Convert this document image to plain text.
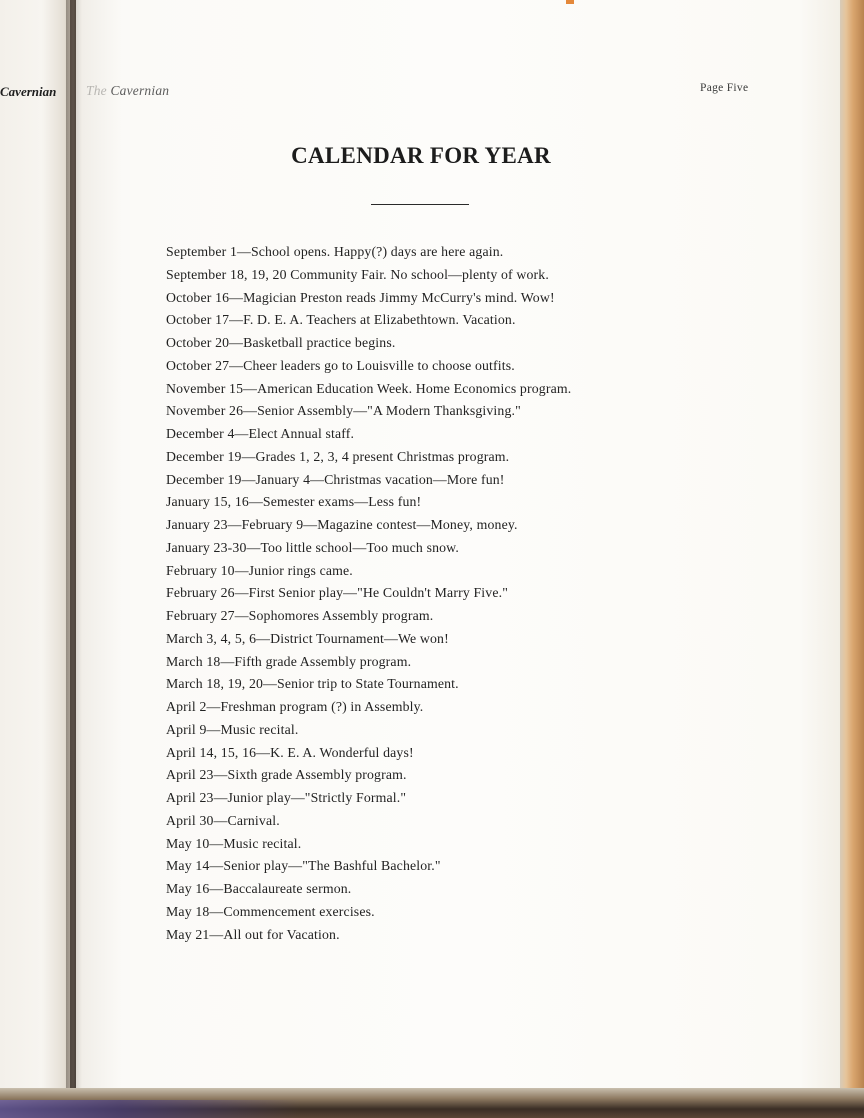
Cavernian The Cavernian	Page Five
CALENDAR FOR YEAR
September 1—School opens. Happy(?) days are here again.
September 18, 19, 20 Community Fair. No school—plenty of work.
October 16—Magician Preston reads Jimmy McCurry's mind. Wow!
October 17—F. D. E. A. Teachers at Elizabethtown. Vacation.
October 20—Basketball practice begins.
October 27—Cheer leaders go to Louisville to choose outfits.
November 15—American Education Week. Home Economics program.
November 26—Senior Assembly—"A Modern Thanksgiving."
December 4—Elect Annual staff.
December 19—Grades 1, 2, 3, 4 present Christmas program.
December 19—January 4—Christmas vacation—More fun!
January 15, 16—Semester exams—Less fun!
January 23—February 9—Magazine contest—Money, money.
January 23-30—Too little school—Too much snow.
February 10—Junior rings came.
February 26—First Senior play—"He Couldn't Marry Five."
February 27—Sophomores Assembly program.
March 3, 4, 5, 6—District Tournament—We won!
March 18—Fifth grade Assembly program.
March 18, 19, 20—Senior trip to State Tournament.
April 2—Freshman program (?) in Assembly.
April 9—Music recital.
April 14, 15, 16—K. E. A. Wonderful days!
April 23—Sixth grade Assembly program.
April 23—Junior play—"Strictly Formal."
April 30—Carnival.
May 10—Music recital.
May 14—Senior play—"The Bashful Bachelor."
May 16—Baccalaureate sermon.
May 18—Commencement exercises.
May 21—All out for Vacation.
